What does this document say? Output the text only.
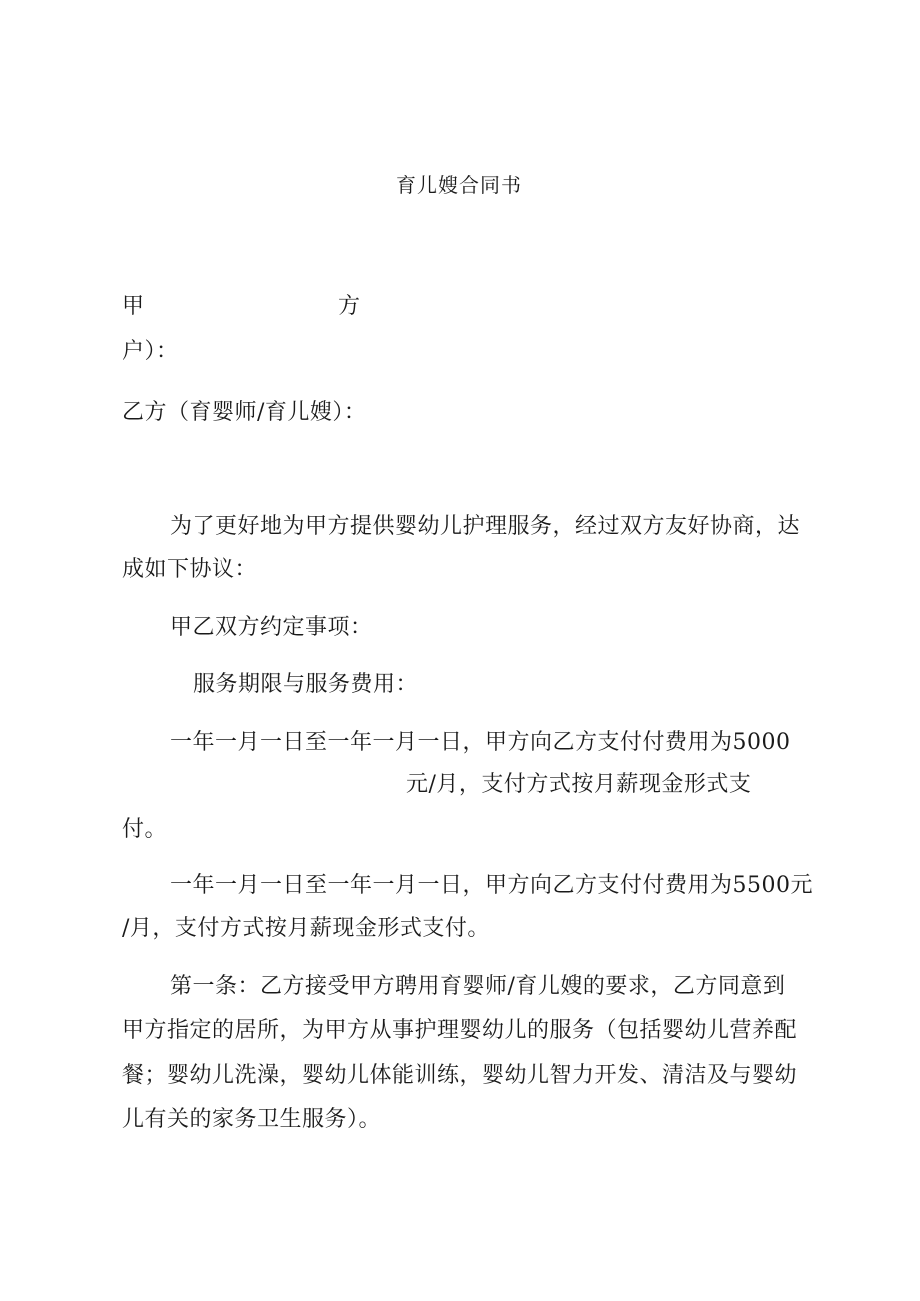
育儿嫂合同书
甲	方
户）：
乙方（育婴师/育儿嫂）：
为了更好地为甲方提供婴幼儿护理服务，经过双方友好协商，达
成如下协议：
甲乙双方约定事项：
服务期限与服务费用：
一年一月一日至一年一月一日，甲方向乙方支付付费用为5000
元/月，支付方式按月薪现金形式支
付。
一年一月一日至一年一月一日，甲方向乙方支付付费用为5500元
/月，支付方式按月薪现金形式支付。
第一条：乙方接受甲方聘用育婴师/育儿嫂的要求，乙方同意到
甲方指定的居所，为甲方从事护理婴幼儿的服务（包括婴幼儿营养配
餐；婴幼儿洗澡，婴幼儿体能训练，婴幼儿智力开发、清洁及与婴幼
儿有关的家务卫生服务）。
